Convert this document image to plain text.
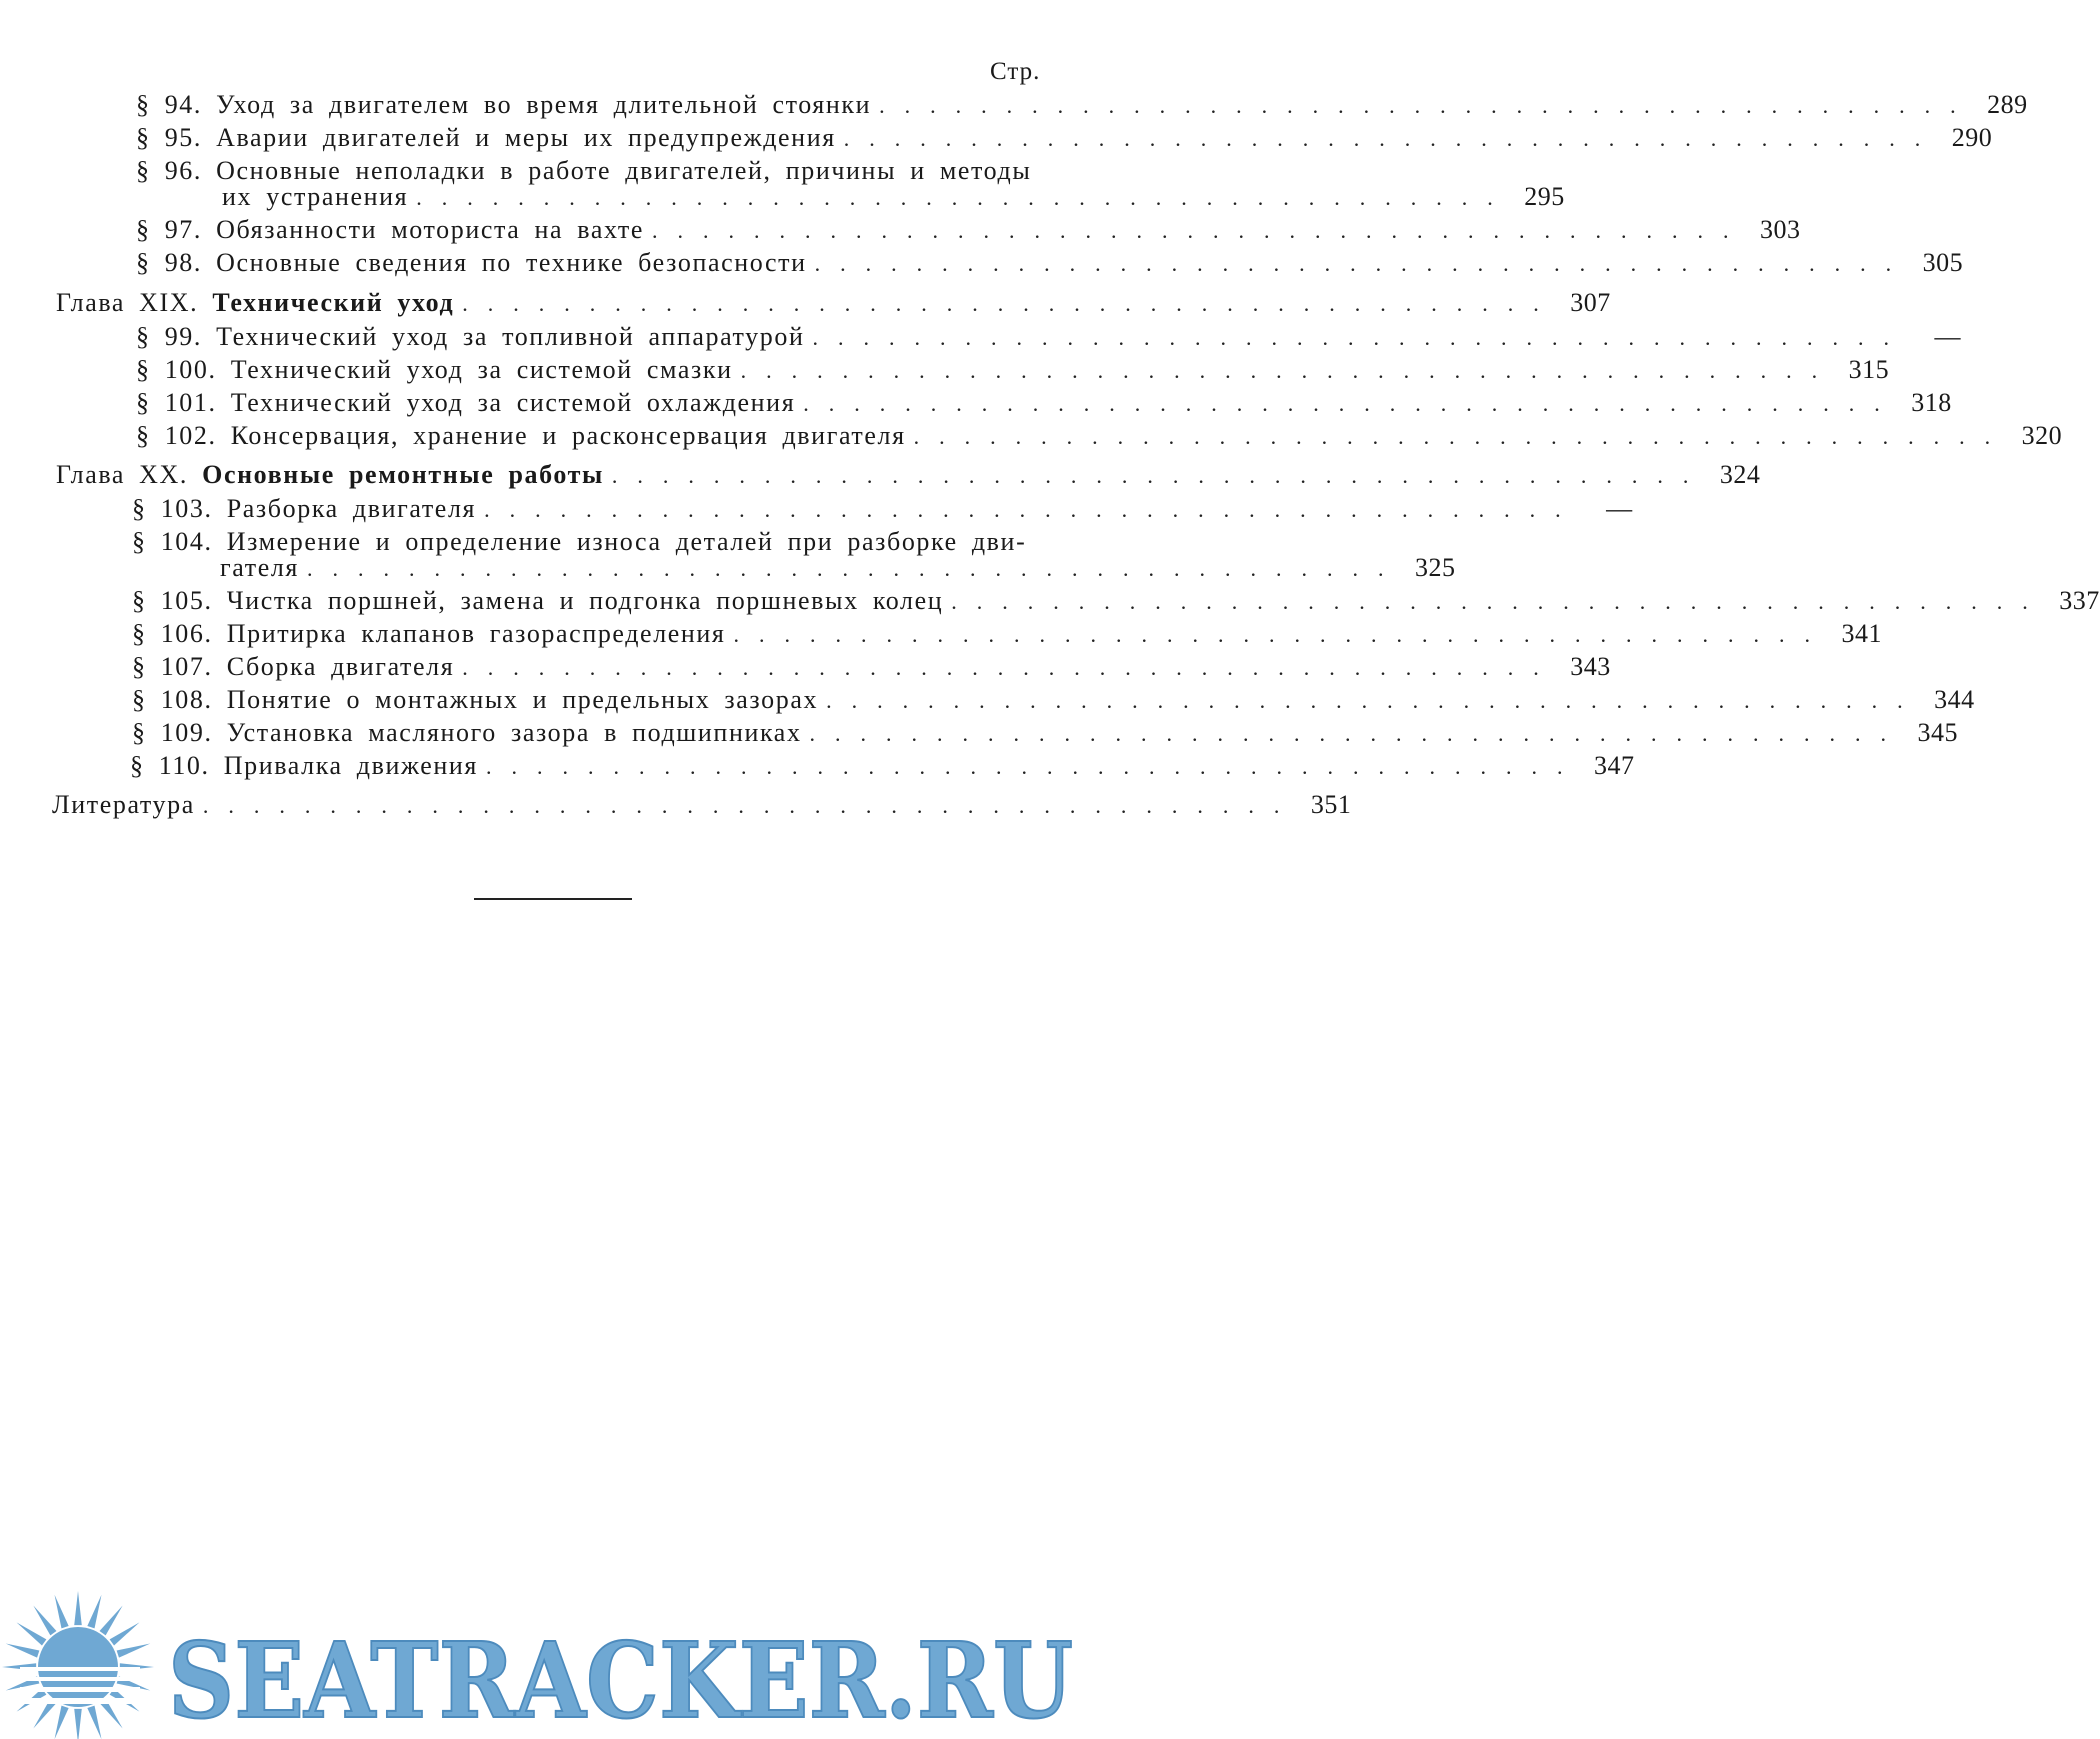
Стр.
§ 94. Уход за двигателем во время длительной стоянки ........................................... 289
§ 95. Аварии двигателей и меры их предупреждения ........................................... 290
§ 96. Основные неполадки в работе двигателей, причины и методы
их устранения ........................................... 295
§ 97. Обязанности моториста на вахте ........................................... 303
§ 98. Основные сведения по технике безопасности ........................................... 305
Глава XIX. Технический уход ........................................... 307
§ 99. Технический уход за топливной аппаратурой ........................................... —
§ 100. Технический уход за системой смазки ........................................... 315
§ 101. Технический уход за системой охлаждения ........................................... 318
§ 102. Консервация, хранение и расконсервация двигателя ........................................... 320
Глава XX. Основные ремонтные работы ........................................... 324
§ 103. Разборка двигателя ........................................... —
§ 104. Измерение и определение износа деталей при разборке дви-
гателя ........................................... 325
§ 105. Чистка поршней, замена и подгонка поршневых колец ........................................... 337
§ 106. Притирка клапанов газораспределения ........................................... 341
§ 107. Сборка двигателя ........................................... 343
§ 108. Понятие о монтажных и предельных зазорах ........................................... 344
§ 109. Установка масляного зазора в подшипниках ........................................... 345
§ 110. Привалка движения ........................................... 347
Литература ........................................... 351
SEATRACKER.RU
